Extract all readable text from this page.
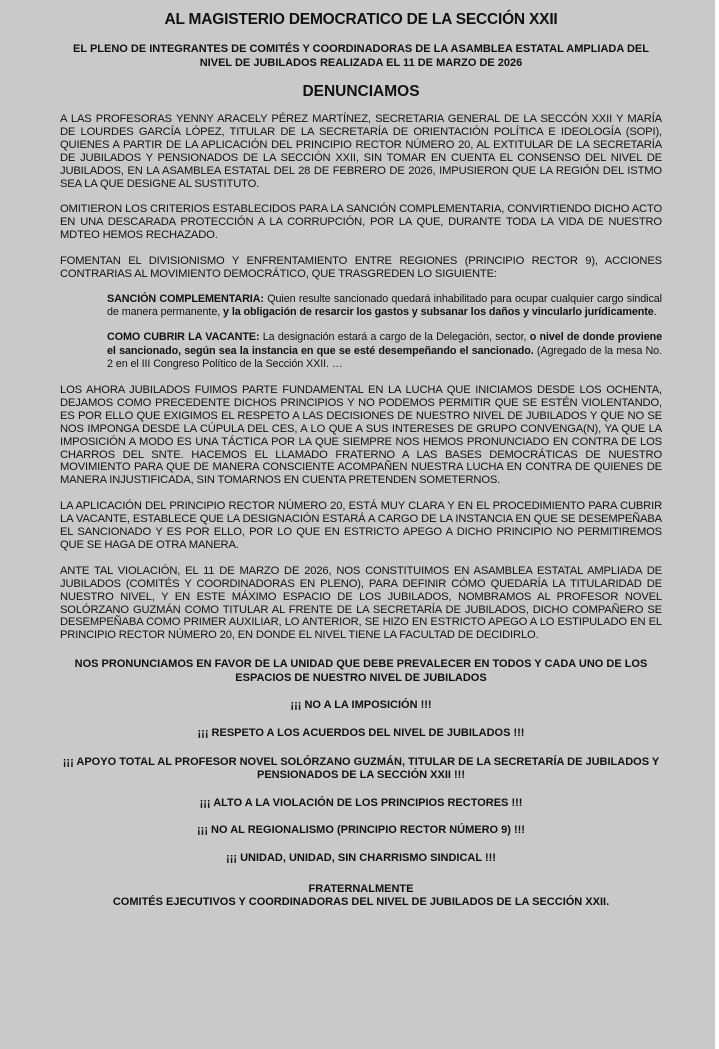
AL MAGISTERIO DEMOCRATICO DE LA SECCIÓN XXII
EL PLENO DE INTEGRANTES DE COMITÉS Y COORDINADORAS DE LA ASAMBLEA ESTATAL AMPLIADA DEL
NIVEL DE JUBILADOS REALIZADA EL 11 DE MARZO DE 2026
DENUNCIAMOS

A LAS PROFESORAS YENNY ARACELY PÉREZ MARTÍNEZ, SECRETARIA GENERAL DE LA SECCÓN XXII Y MARÍA DE LOURDES GARCÍA LÓPEZ, TITULAR DE LA SECRETARÍA DE ORIENTACIÓN POLÍTICA E IDEOLOGÍA (SOPI), QUIENES A PARTIR DE LA APLICACIÓN DEL PRINCIPIO RECTOR NÚMERO 20, AL EXTITULAR DE LA SECRETARÍA DE JUBILADOS Y PENSIONADOS DE LA SECCIÓN XXII, SIN TOMAR EN CUENTA EL CONSENSO DEL NIVEL DE JUBILADOS, EN LA ASAMBLEA ESTATAL DEL 28 DE FEBRERO DE 2026, IMPUSIERON QUE LA REGIÓN DEL ISTMO SEA LA QUE DESIGNE AL SUSTITUTO.

OMITIERON LOS CRITERIOS ESTABLECIDOS PARA LA SANCIÓN COMPLEMENTARIA, CONVIRTIENDO DICHO ACTO EN UNA DESCARADA PROTECCIÓN A LA CORRUPCIÓN, POR LA QUE, DURANTE TODA LA VIDA DE NUESTRO MDTEO HEMOS RECHAZADO.

FOMENTAN EL DIVISIONISMO Y ENFRENTAMIENTO ENTRE REGIONES (PRINCIPIO RECTOR 9), ACCIONES CONTRARIAS AL MOVIMIENTO DEMOCRÁTICO, QUE TRASGREDEN LO SIGUIENTE:

SANCIÓN COMPLEMENTARIA: Quien resulte sancionado quedará inhabilitado para ocupar cualquier cargo sindical de manera permanente, y la obligación de resarcir los gastos y subsanar los daños y vincularlo jurídicamente.

COMO CUBRIR LA VACANTE: La designación estará a cargo de la Delegación, sector, o nivel de donde proviene el sancionado, según sea la instancia en que se esté desempeñando el sancionado. (Agregado de la mesa No. 2 en el III Congreso Político de la Sección XXII. …

LOS AHORA JUBILADOS FUIMOS PARTE FUNDAMENTAL EN LA LUCHA QUE INICIAMOS DESDE LOS OCHENTA, DEJAMOS COMO PRECEDENTE DICHOS PRINCIPIOS Y NO PODEMOS PERMITIR QUE SE ESTÉN VIOLENTANDO, ES POR ELLO QUE EXIGIMOS EL RESPETO A LAS DECISIONES DE NUESTRO NIVEL DE JUBILADOS Y QUE NO SE NOS IMPONGA DESDE LA CÚPULA DEL CES, A LO QUE A SUS INTERESES DE GRUPO CONVENGA(N), YA QUE LA IMPOSICIÓN A MODO ES UNA TÁCTICA POR LA QUE SIEMPRE NOS HEMOS PRONUNCIADO EN CONTRA DE LOS CHARROS DEL SNTE. HACEMOS EL LLAMADO FRATERNO A LAS BASES DEMOCRÁTICAS DE NUESTRO MOVIMIENTO PARA QUE DE MANERA CONSCIENTE ACOMPAÑEN NUESTRA LUCHA EN CONTRA DE QUIENES DE MANERA INJUSTIFICADA, SIN TOMARNOS EN CUENTA PRETENDEN SOMETERNOS.

LA APLICACIÓN DEL PRINCIPIO RECTOR NÚMERO 20, ESTÁ MUY CLARA Y EN EL PROCEDIMIENTO PARA CUBRIR LA VACANTE, ESTABLECE QUE LA DESIGNACIÓN ESTARÁ A CARGO DE LA INSTANCIA EN QUE SE DESEMPEÑABA EL SANCIONADO Y ES POR ELLO, POR LO QUE EN ESTRICTO APEGO A DICHO PRINCIPIO NO PERMITIREMOS QUE SE HAGA DE OTRA MANERA.

ANTE TAL VIOLACIÓN, EL 11 DE MARZO DE 2026, NOS CONSTITUIMOS EN ASAMBLEA ESTATAL AMPLIADA DE JUBILADOS (COMITÉS Y COORDINADORAS EN PLENO), PARA DEFINIR CÓMO QUEDARÍA LA TITULARIDAD DE NUESTRO NIVEL, Y EN ESTE MÁXIMO ESPACIO DE LOS JUBILADOS, NOMBRAMOS AL PROFESOR NOVEL SOLÓRZANO GUZMÁN COMO TITULAR AL FRENTE DE LA SECRETARÍA DE JUBILADOS, DICHO COMPAÑERO SE DESEMPEÑABA COMO PRIMER AUXILIAR, LO ANTERIOR, SE HIZO EN ESTRICTO APEGO A LO ESTIPULADO EN EL PRINCIPIO RECTOR NÚMERO 20, EN DONDE EL NIVEL TIENE LA FACULTAD DE DECIDIRLO.

NOS PRONUNCIAMOS EN FAVOR DE LA UNIDAD QUE DEBE PREVALECER EN TODOS Y CADA UNO DE LOS
ESPACIOS DE NUESTRO NIVEL DE JUBILADOS
¡¡¡ NO A LA IMPOSICIÓN !!!
¡¡¡ RESPETO A LOS ACUERDOS DEL NIVEL DE JUBILADOS !!!
¡¡¡ APOYO TOTAL AL PROFESOR NOVEL SOLÓRZANO GUZMÁN, TITULAR DE LA SECRETARÍA DE JUBILADOS Y
PENSIONADOS DE LA SECCIÓN XXII !!!
¡¡¡ ALTO A LA VIOLACIÓN DE LOS PRINCIPIOS RECTORES !!!
¡¡¡ NO AL REGIONALISMO (PRINCIPIO RECTOR NÚMERO 9) !!!
¡¡¡ UNIDAD, UNIDAD, SIN CHARRISMO SINDICAL !!!
FRATERNALMENTE
COMITÉS EJECUTIVOS Y COORDINADORAS DEL NIVEL DE JUBILADOS DE LA SECCIÓN XXII.
